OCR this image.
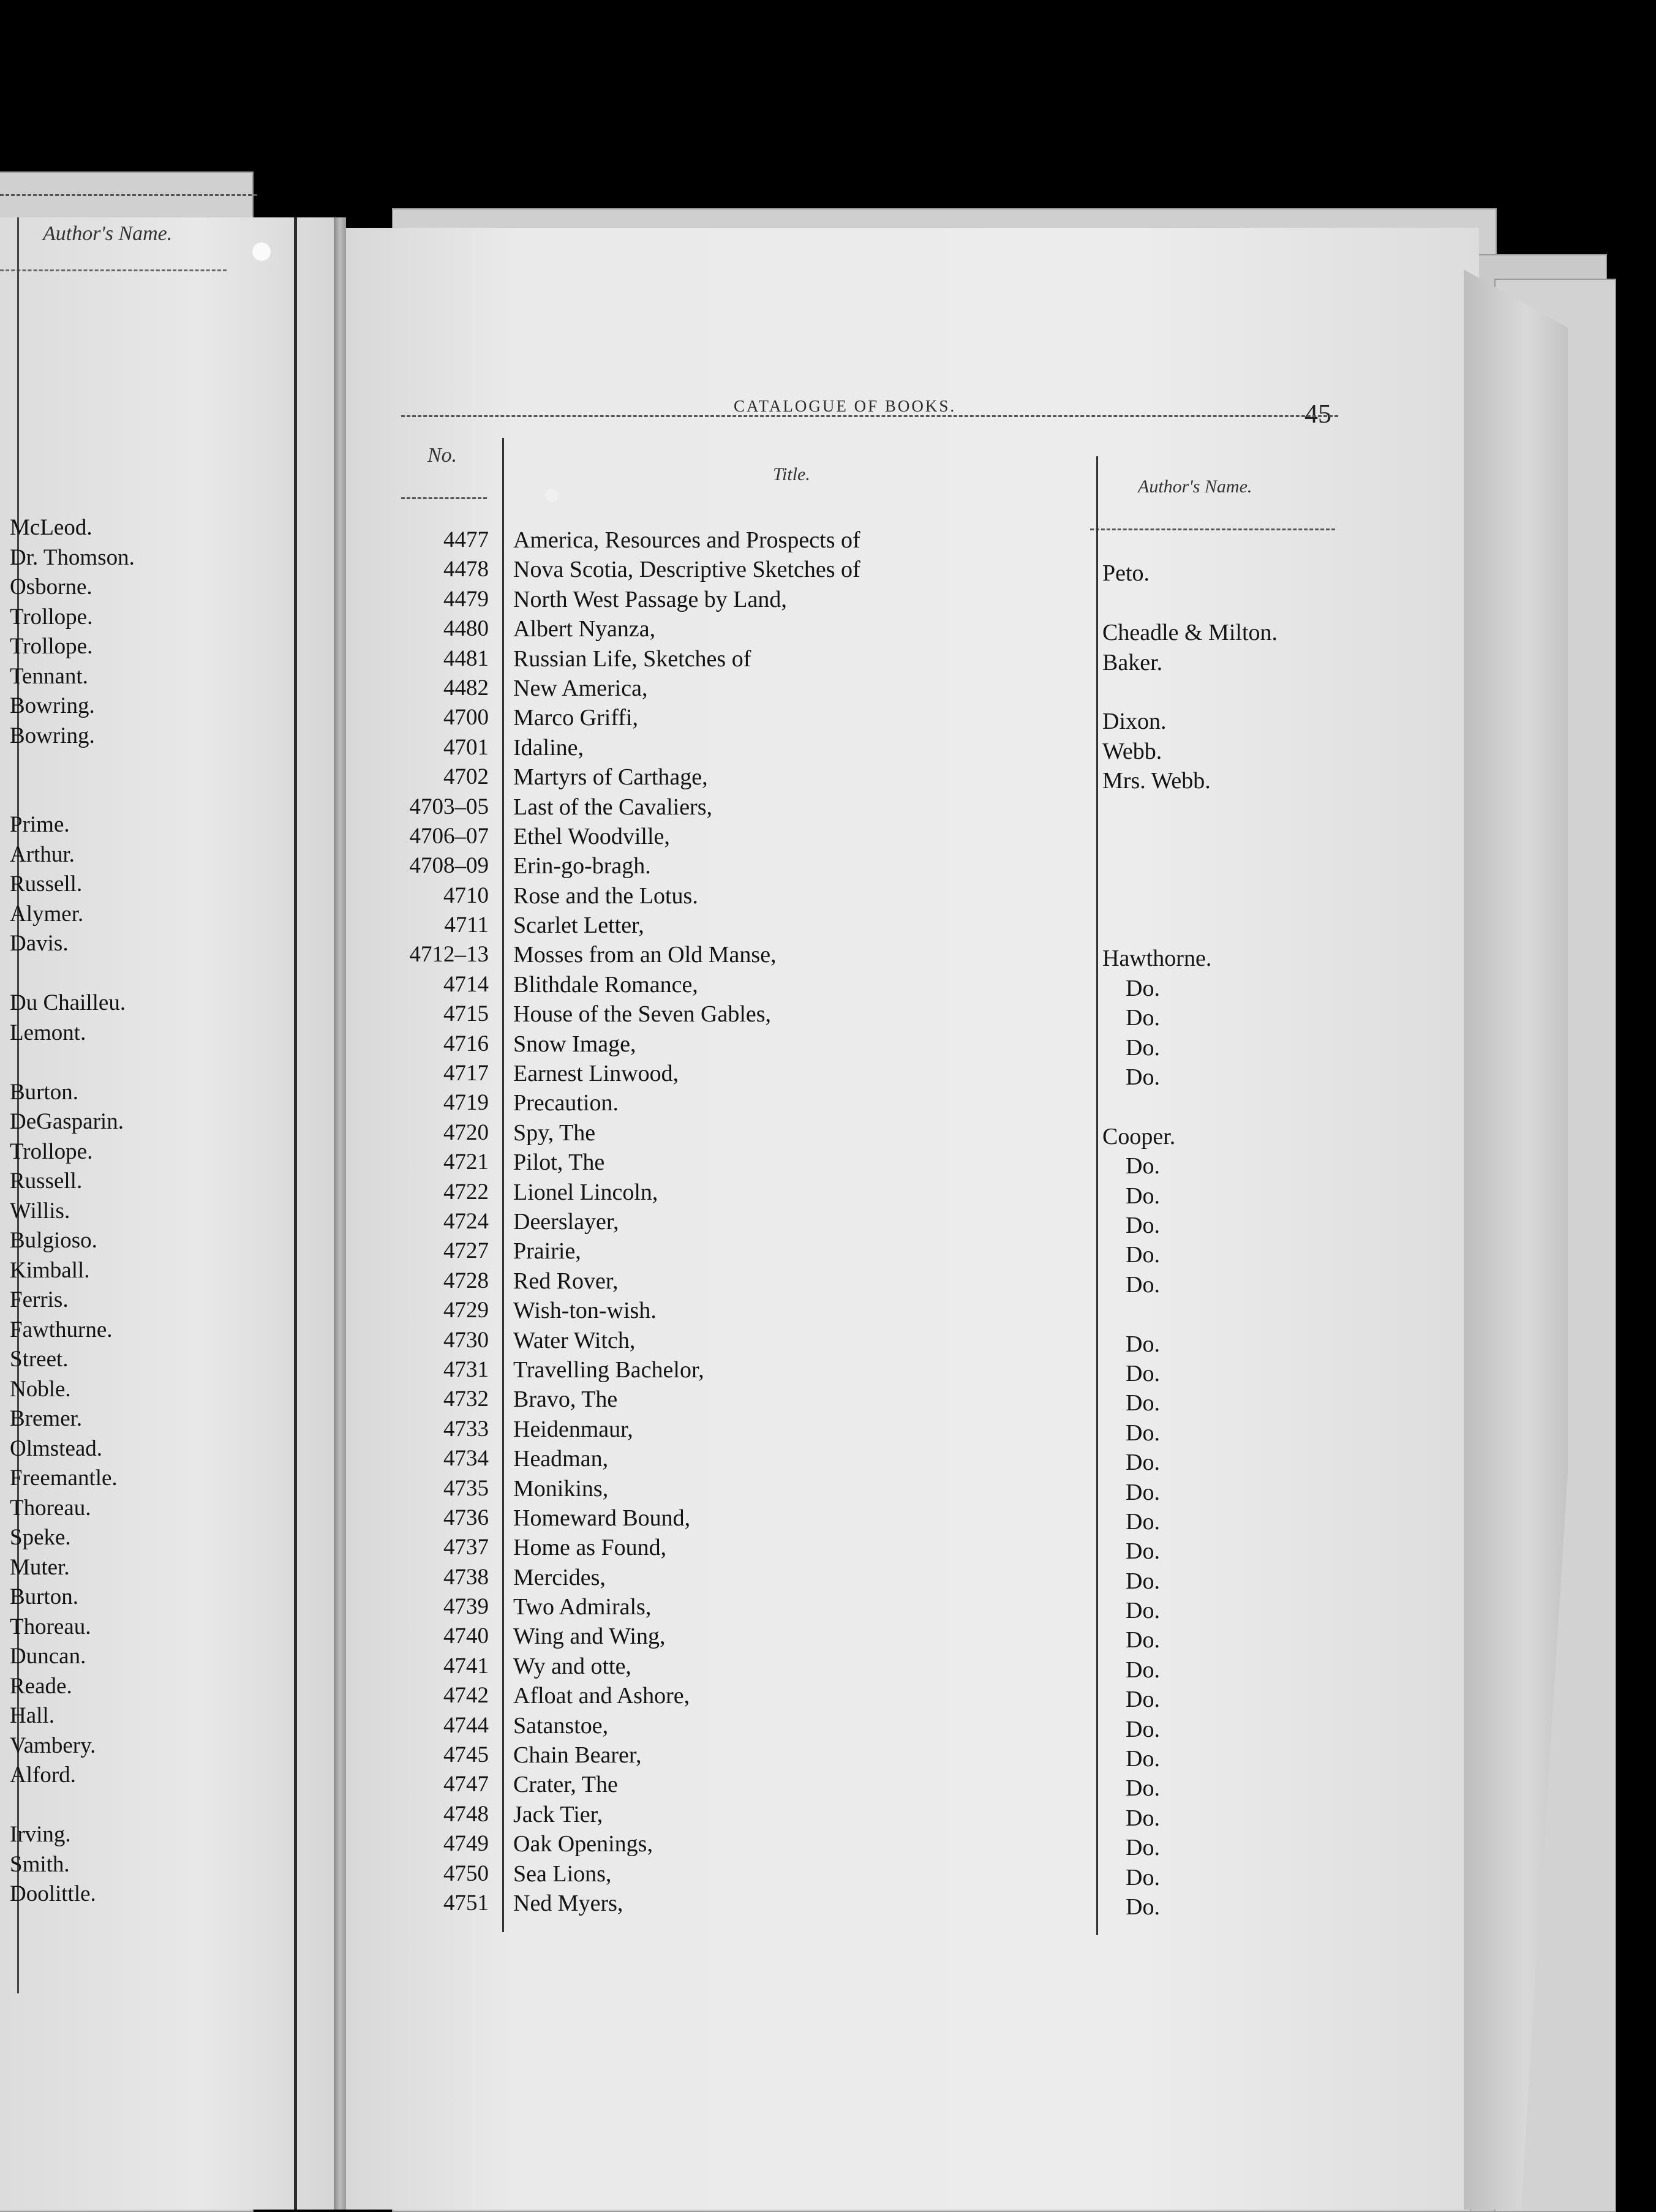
Author's Name.
McLeod.
Dr. Thomson.
Osborne.
Trollope.
Trollope.
Tennant.
Bowring.
Bowring.
Prime.
Arthur.
Russell.
Alymer.
Davis.
Du Chaillеu.
Lemont.
Burton.
DeGasparin.
Trollope.
Russell.
Willis.
Bulgioso.
Kimball.
Ferris.
Fawthurne.
Street.
Noble.
Bremer.
Olmstead.
Freemantle.
Thoreau.
Speke.
Muter.
Burton.
Thoreau.
Duncan.
Reade.
Hall.
Vambery.
Alford.
Irving.
Smith.
Doolittle.
CATALOGUE OF BOOKS.	45
No.
Title.
Author's Name.
4477 America, Resources and Prospects of
4478 Nova Scotia, Descriptive Sketches of	Peto.
4479 North West Passage by Land,
4480 Albert Nyanza,	Cheadle & Milton.
4481 Russian Life, Sketches of	Baker.
4482 New America,
4700 Marco Griffi,	Dixon.
4701 Idaline,	Webb.
4702 Martyrs of Carthage,	Mrs. Webb.
4703–05 Last of the Cavaliers,
4706–07 Ethel Woodville,
4708–09 Erin-go-bragh.
4710 Rose and the Lotus.
4711 Scarlet Letter,
4712–13 Mosses from an Old Manse,	Hawthorne.
4714 Blithdale Romance,	Do.
4715 House of the Seven Gables,	Do.
4716 Snow Image,	Do.
4717 Earnest Linwood,	Do.
4719 Precaution.
4720 Spy, The	Cooper.
4721 Pilot, The	Do.
4722 Lionel Lincoln,	Do.
4724 Deerslayer,	Do.
4727 Prairie,	Do.
4728 Red Rover,	Do.
4729 Wish-ton-wish.
4730 Water Witch,	Do.
4731 Travelling Bachelor,	Do.
4732 Bravo, The	Do.
4733 Heidenmaur,	Do.
4734 Headman,	Do.
4735 Monikins,	Do.
4736 Homeward Bound,	Do.
4737 Home as Found,	Do.
4738 Mercides,	Do.
4739 Two Admirals,	Do.
4740 Wing and Wing,	Do.
4741 Wy and otte,	Do.
4742 Afloat and Ashore,	Do.
4744 Satanstoe,	Do.
4745 Chain Bearer,	Do.
4747 Crater, The	Do.
4748 Jack Tier,	Do.
4749 Oak Openings,	Do.
4750 Sea Lions,	Do.
4751 Ned Myers,	Do.
